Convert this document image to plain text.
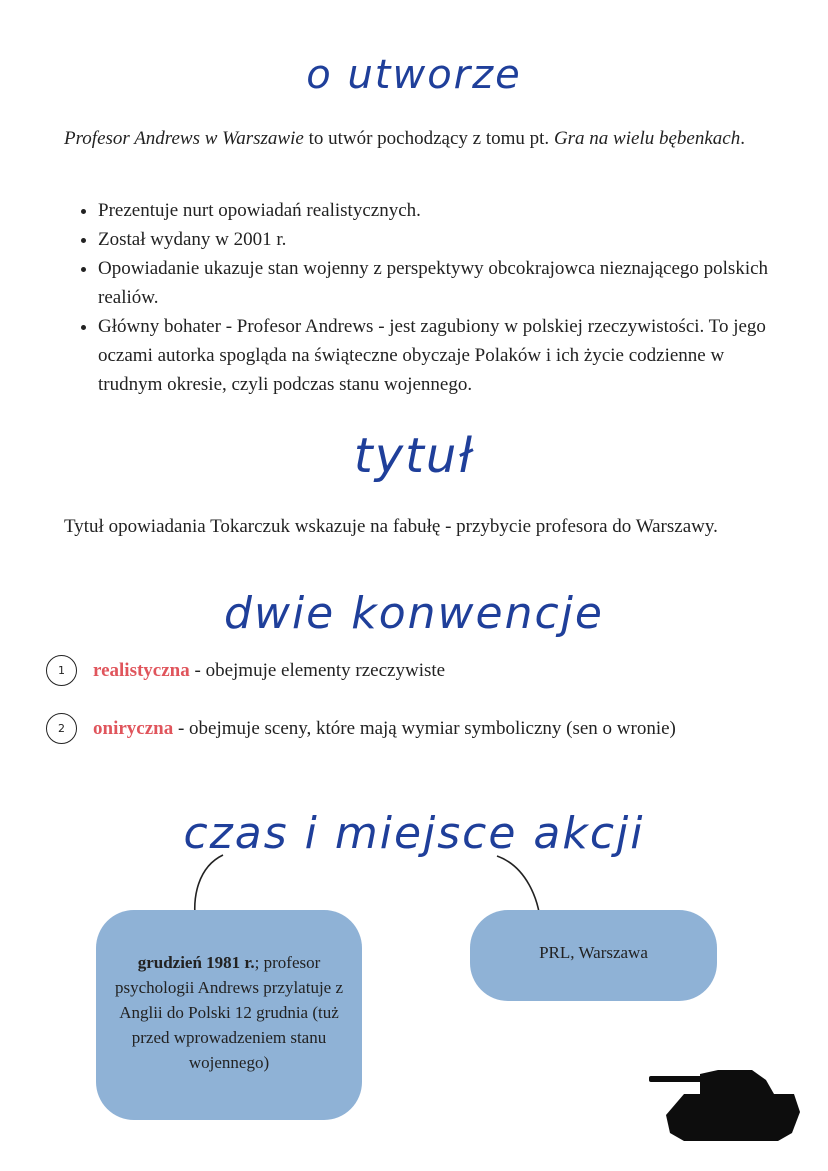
o utworze

Profesor Andrews w Warszawie to utwór pochodzący z tomu pt. Gra na wielu bębenkach.

• Prezentuje nurt opowiadań realistycznych.
• Został wydany w 2001 r.
• Opowiadanie ukazuje stan wojenny z perspektywy obcokrajowca nieznającego polskich realiów.
• Główny bohater - Profesor Andrews - jest zagubiony w polskiej rzeczywistości. To jego oczami autorka spogląda na świąteczne obyczaje Polaków i ich życie codzienne w trudnym okresie, czyli podczas stanu wojennego.
tytuł

Tytuł opowiadania Tokarczuk wskazuje na fabułę - przybycie profesora do Warszawy.

dwie konwencje
1	realistyczna - obejmuje elementy rzeczywiste
2	oniryczna - obejmuje sceny, które mają wymiar symboliczny (sen o wronie)
czas i miejsce akcji
grudzień 1981 r.; profesor psychologii Andrews przylatuje z Anglii do Polski 12 grudnia (tuż przed wprowadzeniem stanu wojennego)
PRL, Warszawa
